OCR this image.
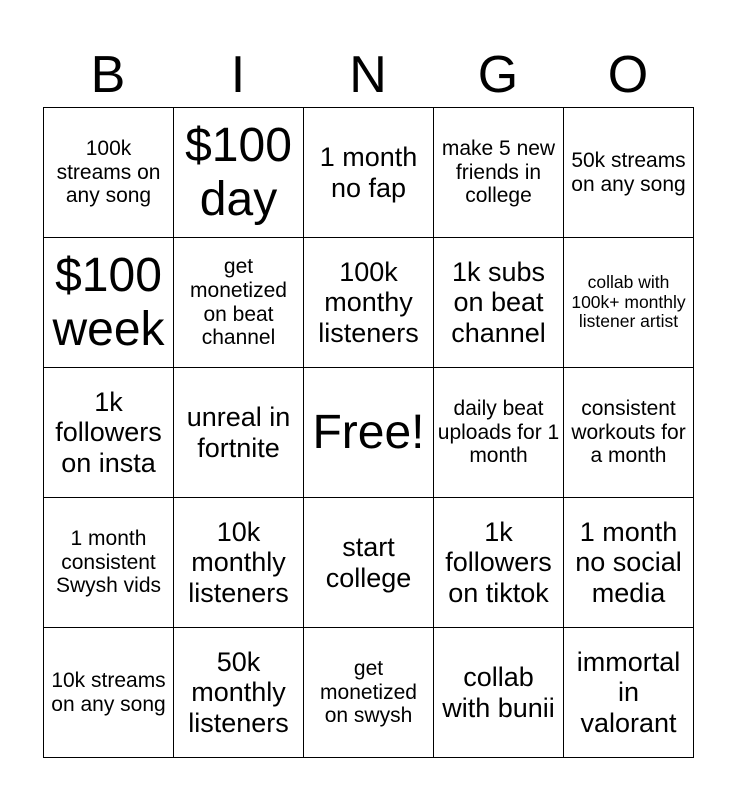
B	I	N	G	O
100k streams on any song	$100 day	1 month no fap	make 5 new friends in college	50k streams on any song
$100 week	get monetized on beat channel	100k monthy listeners	1k subs on beat channel	collab with 100k+ monthly listener artist
1k followers on insta	unreal in fortnite	Free!	daily beat uploads for 1 month	consistent workouts for a month
1 month consistent Swysh vids	10k monthly listeners	start college	1k followers on tiktok	1 month no social media
10k streams on any song	50k monthly listeners	get monetized on swysh	collab with bunii	immortal in valorant
